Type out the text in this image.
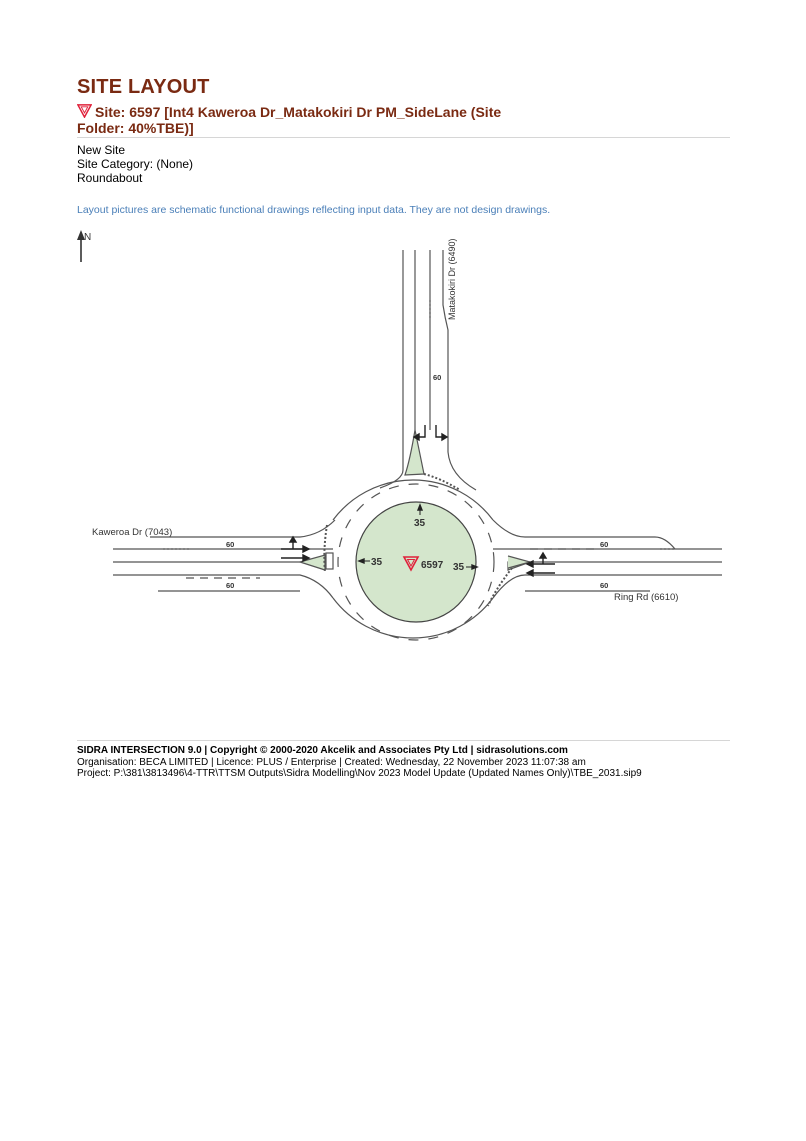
SITE LAYOUT
Site: 6597 [Int4 Kaweroa Dr_Matakokiri Dr PM_SideLane (Site Folder: 40%TBE)]
New Site
Site Category: (None)
Roundabout
Layout pictures are schematic functional drawings reflecting input data. They are not design drawings.
Kaweroa Dr (7043)
Ring Rd (6610)
Matakokiri Dr (6490)
N
60
60
60
60
60
35
35	35
6597
SIDRA INTERSECTION 9.0 | Copyright © 2000-2020 Akcelik and Associates Pty Ltd | sidrasolutions.com
Organisation: BECA LIMITED | Licence: PLUS / Enterprise | Created: Wednesday, 22 November 2023 11:07:38 am
Project: P:\381\3813496\4-TTR\TTSM Outputs\Sidra Modelling\Nov 2023 Model Update (Updated Names Only)\TBE_2031.sip9
